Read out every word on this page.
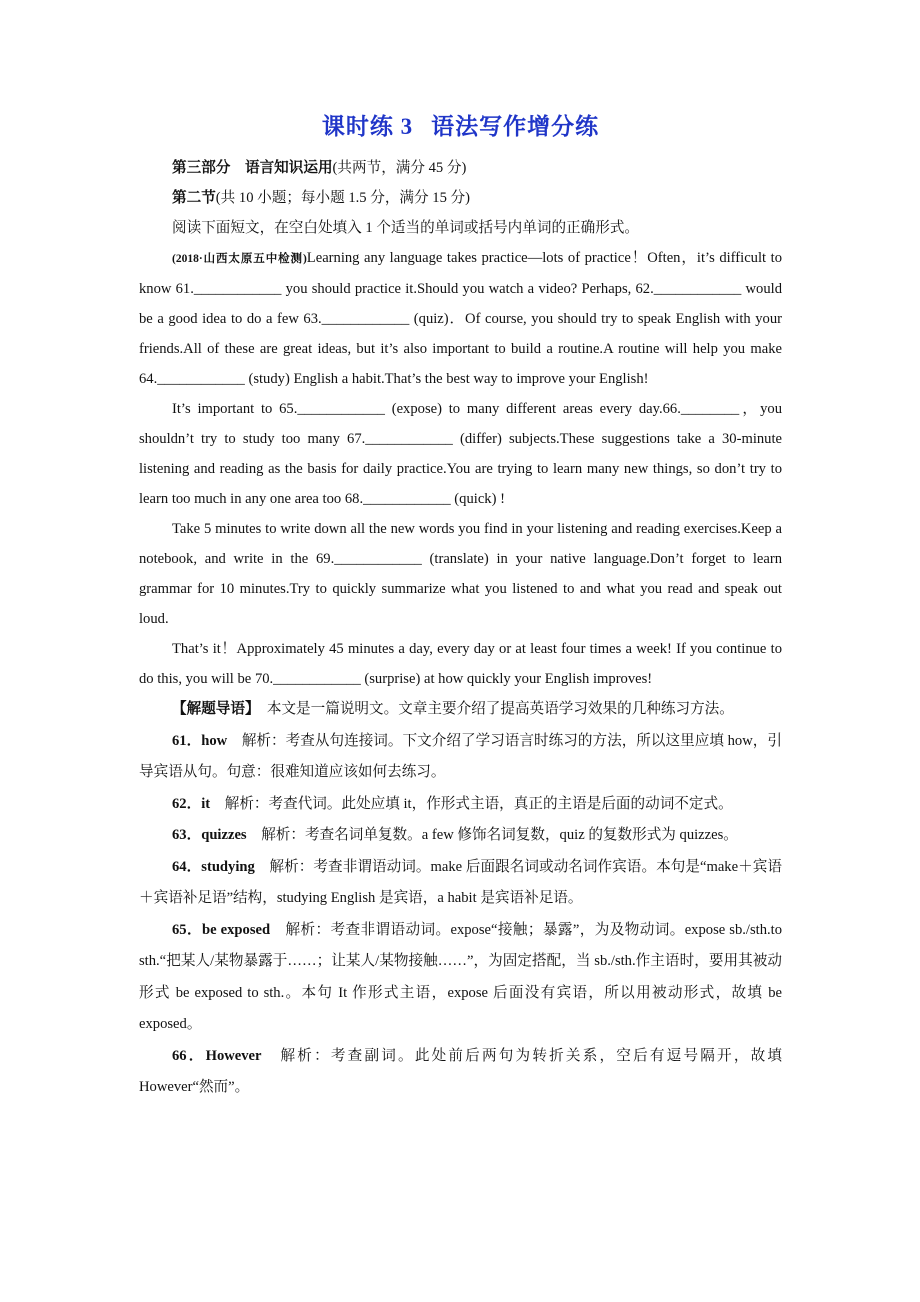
课时练 3 语法写作增分练

第三部分　语言知识运用(共两节，满分 45 分)

第二节(共 10 小题；每小题 1.5 分，满分 15 分)

阅读下面短文，在空白处填入 1 个适当的单词或括号内单词的正确形式。

(2018·山西太原五中检测)Learning any language takes practice—lots of practice！Often，it’s difficult to know 61.____________ you should practice it.Should you watch a video? Perhaps, 62.____________ would be a good idea to do a few 63.____________ (quiz)．Of course, you should try to speak English with your friends.All of these are great ideas, but it’s also important to build a routine.A routine will help you make 64.____________ (study) English a habit.That’s the best way to improve your English!

It’s important to 65.____________ (expose) to many different areas every day.66.________，you shouldn’t try to study too many 67.____________ (differ) subjects.These suggestions take a 30-minute listening and reading as the basis for daily practice.You are trying to learn many new things, so don’t try to learn too much in any one area too 68.____________ (quick) !

Take 5 minutes to write down all the new words you find in your listening and reading exercises.Keep a notebook, and write in the 69.____________ (translate) in your native language.Don’t forget to learn grammar for 10 minutes.Try to quickly summarize what you listened to and what you read and speak out loud.

That’s it！Approximately 45 minutes a day, every day or at least four times a week! If you continue to do this, you will be 70.____________ (surprise) at how quickly your English improves!

【解题导语】　本文是一篇说明文。文章主要介绍了提高英语学习效果的几种练习方法。

61．how　解析：考查从句连接词。下文介绍了学习语言时练习的方法，所以这里应填 how，引导宾语从句。句意：很难知道应该如何去练习。

62．it　解析：考查代词。此处应填 it，作形式主语，真正的主语是后面的动词不定式。

63．quizzes　解析：考查名词单复数。a few 修饰名词复数，quiz 的复数形式为 quizzes。

64．studying　解析：考查非谓语动词。make 后面跟名词或动名词作宾语。本句是“make＋宾语＋宾语补足语”结构，studying English 是宾语，a habit 是宾语补足语。

65．be exposed　解析：考查非谓语动词。expose“接触；暴露”，为及物动词。expose sb./sth.to sth.“把某人/某物暴露于……；让某人/某物接触……”，为固定搭配，当 sb./sth.作主语时，要用其被动形式 be exposed to sth.。本句 It 作形式主语，expose 后面没有宾语，所以用被动形式，故填 be exposed。

66．However　解析：考查副词。此处前后两句为转折关系，空后有逗号隔开，故填 However“然而”。
